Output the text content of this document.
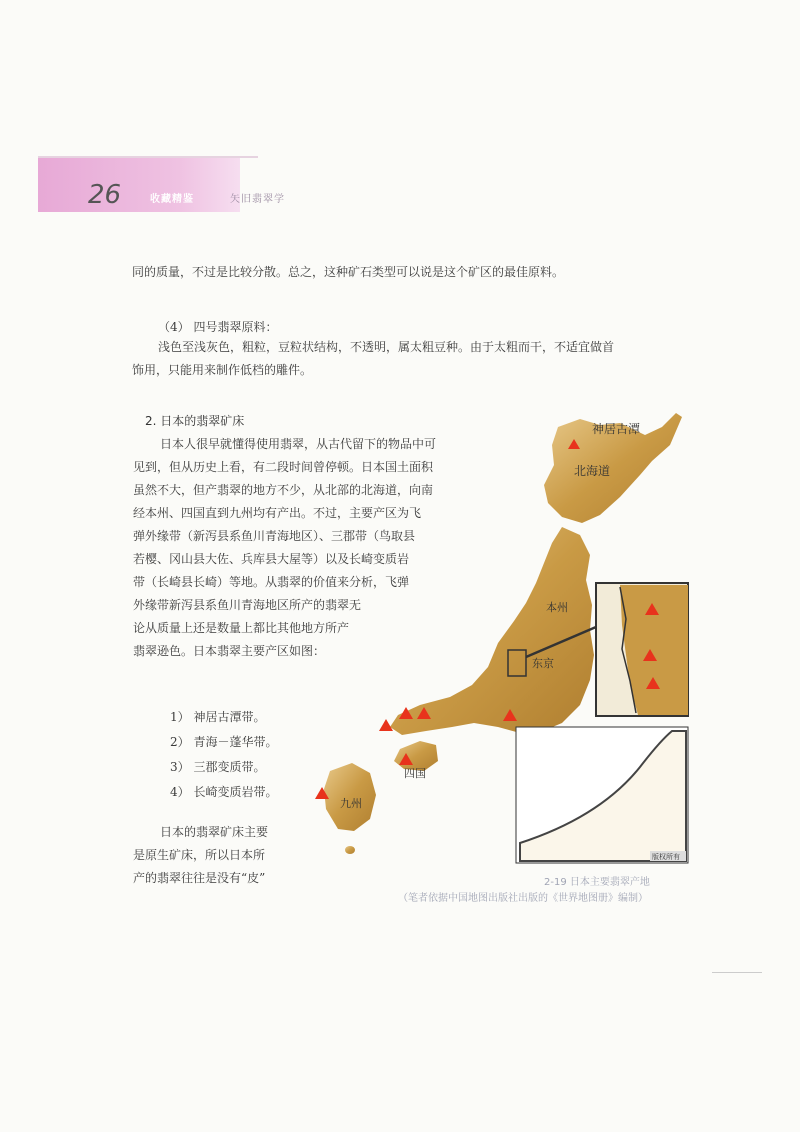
26	收藏精鉴	矢旧翡翠学
同的质量，不过是比较分散。总之，这种矿石类型可以说是这个矿区的最佳原料。
（4） 四号翡翠原料：
浅色至浅灰色，粗粒，豆粒状结构，不透明，属太粗豆种。由于太粗而干，不适宜做首
饰用，只能用来制作低档的雕件。
2. 日本的翡翠矿床
日本人很早就懂得使用翡翠，从古代留下的物品中可
见到，但从历史上看，有二段时间曾停顿。日本国土面积
虽然不大，但产翡翠的地方不少，从北部的北海道，向南
经本州、四国直到九州均有产出。不过，主要产区为飞
弹外缘带（新泻县系鱼川青海地区）、三郡带（鸟取县
若樱、冈山县大佐、兵库县大屋等）以及长崎变质岩
带（长崎县长崎）等地。从翡翠的价值来分析，飞弹
外缘带新泻县系鱼川青海地区所产的翡翠无
论从质量上还是数量上都比其他地方所产
翡翠逊色。日本翡翠主要产区如图：
1） 神居古潭带。
2） 青海－蓬华带。
3） 三郡变质带。
4） 长崎变质岩带。
日本的翡翠矿床主要
是原生矿床，所以日本所
产的翡翠往往是没有“皮”
版权所有
神居古潭
北海道
本州
东京
四国
九州
2-19 日本主要翡翠产地
（笔者依据中国地图出版社出版的《世界地图册》编制）
